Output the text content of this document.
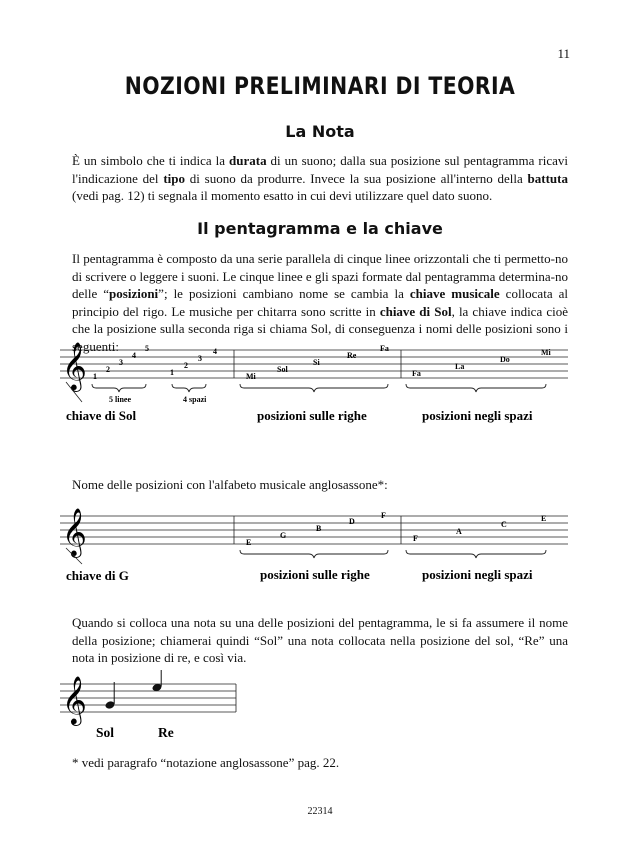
11
NOZIONI PRELIMINARI DI TEORIA
La Nota
È un simbolo che ti indica la durata di un suono; dalla sua posizione sul pentagramma ricavi l'indicazione del tipo di suono da produrre. Invece la sua posizione all'interno della battuta (vedi pag. 12) ti segnala il momento esatto in cui devi utilizzare quel dato suono.
Il pentagramma e la chiave
Il pentagramma è composto da una serie parallela di cinque linee orizzontali che ti permetto-no di scrivere o leggere i suoni. Le cinque linee e gli spazi formate dal pentagramma determina-no delle “posizioni”; le posizioni cambiano nome se cambia la chiave musicale collocata al principio del rigo. Le musiche per chitarra sono scritte in chiave di Sol, la chiave indica cioè che la posizione sulla seconda riga si chiama Sol, di conseguenza i nomi delle posizioni sono i seguenti:
𝄞 1
2
3
4
5
1
2
3
4
Mi
Sol
Si
Re
Fa
Fa
La
Do
Mi
5 linee	4 spazi
chiave di Sol	posizioni sulle righe	posizioni negli spazi
Nome delle posizioni con l'alfabeto musicale anglosassone*:
𝄞	E
G
B
D
F
F
A
C
E
chiave di G	posizioni sulle righe	posizioni negli spazi
Quando si colloca una nota su una delle posizioni del pentagramma, le si fa assumere il nome della posizione; chiamerai quindi “Sol” una nota collocata nella posizione del sol, “Re” una nota in posizione di re, e così via.
𝄞
Sol	Re
* vedi paragrafo “notazione anglosassone” pag. 22.
22314
